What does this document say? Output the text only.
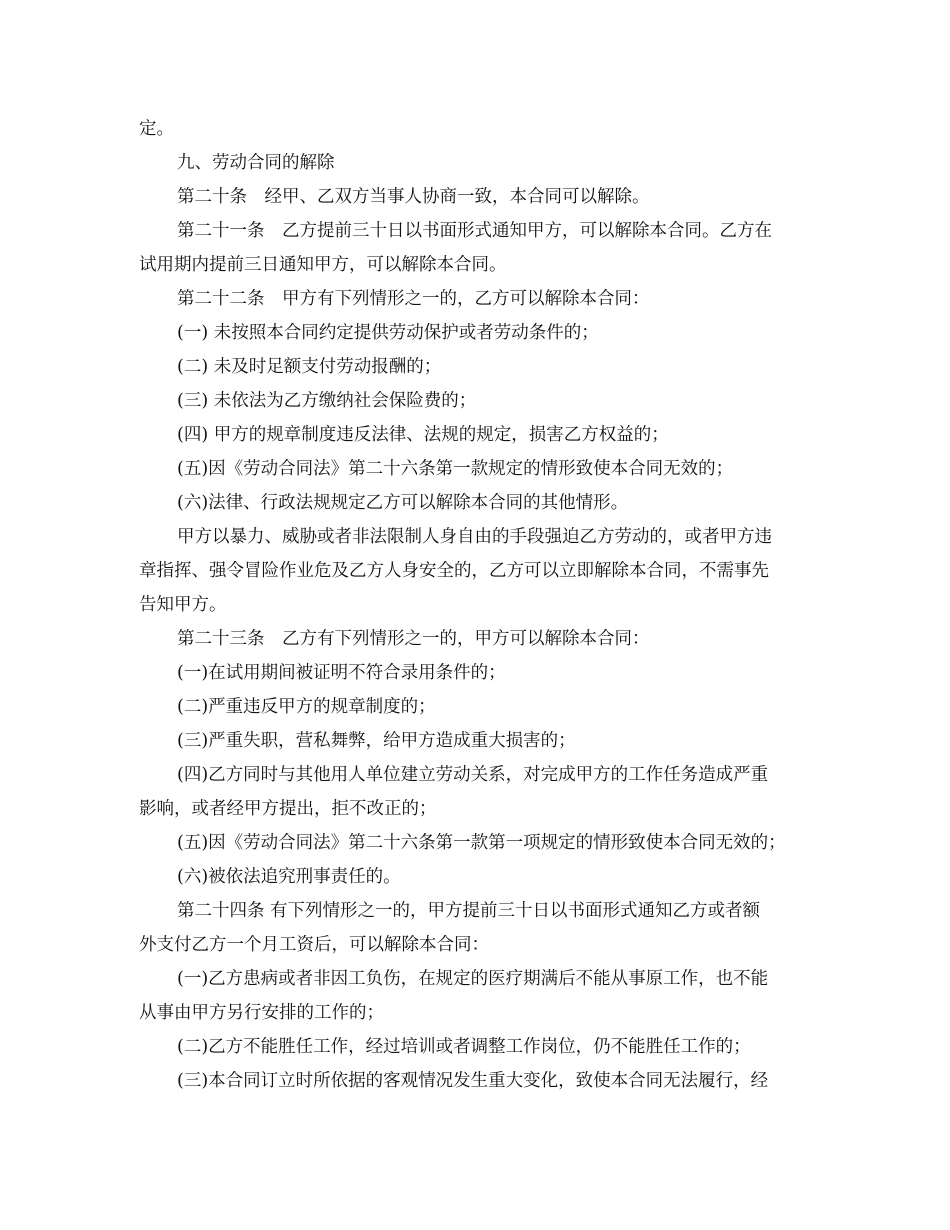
定。
九、劳动合同的解除
第二十条　经甲、乙双方当事人协商一致，本合同可以解除。
第二十一条　乙方提前三十日以书面形式通知甲方，可以解除本合同。乙方在
试用期内提前三日通知甲方，可以解除本合同。
第二十二条　甲方有下列情形之一的，乙方可以解除本合同：
(一) 未按照本合同约定提供劳动保护或者劳动条件的；
(二) 未及时足额支付劳动报酬的；
(三) 未依法为乙方缴纳社会保险费的；
(四) 甲方的规章制度违反法律、法规的规定，损害乙方权益的；
(五)因《劳动合同法》第二十六条第一款规定的情形致使本合同无效的；
(六)法律、行政法规规定乙方可以解除本合同的其他情形。
甲方以暴力、威胁或者非法限制人身自由的手段强迫乙方劳动的，或者甲方违
章指挥、强令冒险作业危及乙方人身安全的，乙方可以立即解除本合同，不需事先
告知甲方。
第二十三条　乙方有下列情形之一的，甲方可以解除本合同：
(一)在试用期间被证明不符合录用条件的；
(二)严重违反甲方的规章制度的；
(三)严重失职，营私舞弊，给甲方造成重大损害的；
(四)乙方同时与其他用人单位建立劳动关系，对完成甲方的工作任务造成严重
影响，或者经甲方提出，拒不改正的；
(五)因《劳动合同法》第二十六条第一款第一项规定的情形致使本合同无效的；
(六)被依法追究刑事责任的。
第二十四条 有下列情形之一的，甲方提前三十日以书面形式通知乙方或者额
外支付乙方一个月工资后，可以解除本合同：
(一)乙方患病或者非因工负伤，在规定的医疗期满后不能从事原工作，也不能
从事由甲方另行安排的工作的；
(二)乙方不能胜任工作，经过培训或者调整工作岗位，仍不能胜任工作的；
(三)本合同订立时所依据的客观情况发生重大变化，致使本合同无法履行，经
